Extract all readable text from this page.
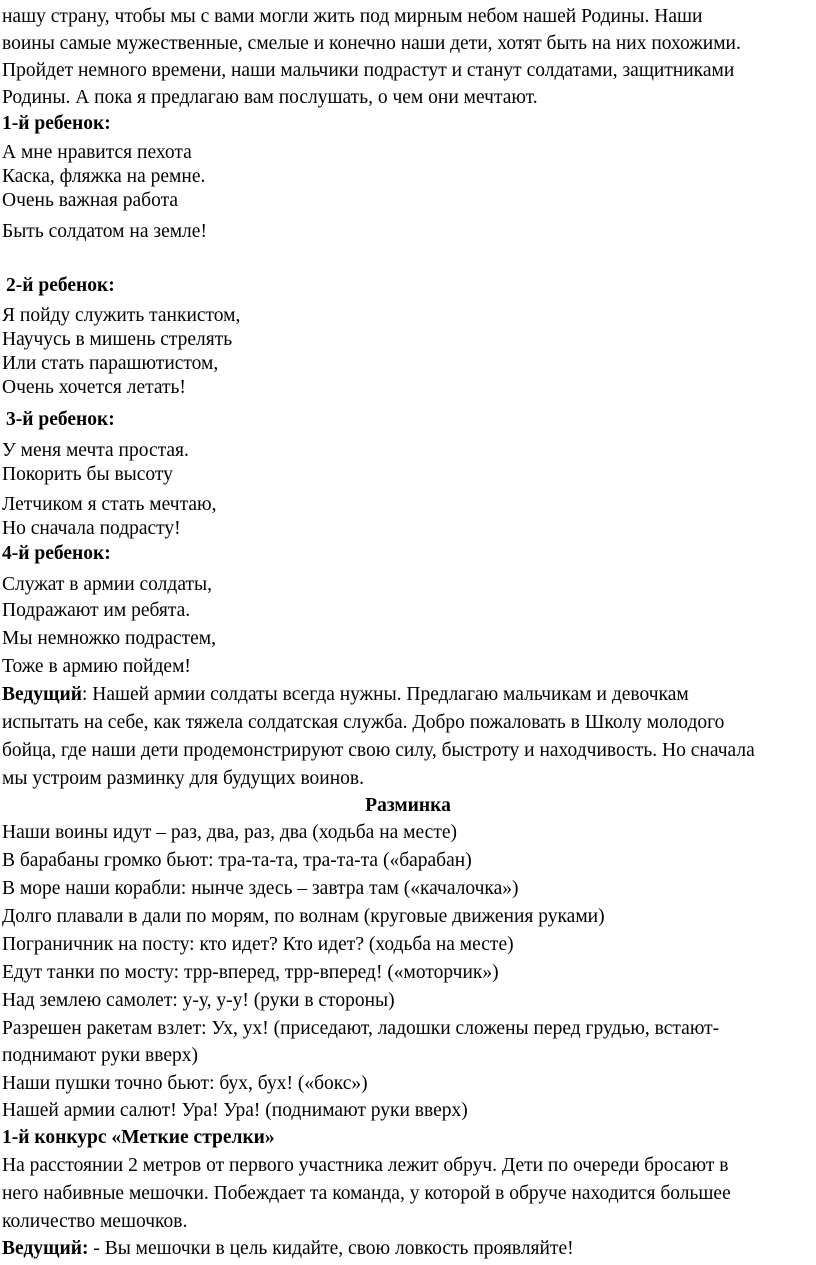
нашу страну, чтобы мы с вами могли жить под мирным небом нашей Родины. Наши
воины самые мужественные, смелые и конечно наши дети, хотят быть на них похожими.
Пройдет немного времени, наши мальчики подрастут и станут солдатами, защитниками
Родины. А пока я предлагаю вам послушать, о чем они мечтают.
1-й ребенок:
А мне нравится пехота
Каска, фляжка на ремне.
Очень важная работа
Быть солдатом на земле!
2-й ребенок:
Я пойду служить танкистом,
Научусь в мишень стрелять
Или стать парашютистом,
Очень хочется летать!
3-й ребенок:
У меня мечта простая.
Покорить бы высоту
Летчиком я стать мечтаю,
Но сначала подрасту!
4-й ребенок:
Служат в армии солдаты,
Подражают им ребята.
Мы немножко подрастем,
Тоже в армию пойдем!
Ведущий: Нашей армии солдаты всегда нужны. Предлагаю мальчикам и девочкам
испытать на себе, как тяжела солдатская служба. Добро пожаловать в Школу молодого
бойца, где наши дети продемонстрируют свою силу, быстроту и находчивость. Но сначала
мы устроим разминку для будущих воинов.
Разминка
Наши воины идут – раз, два, раз, два (ходьба на месте)
В барабаны громко бьют: тра-та-та, тра-та-та («барабан)
В море наши корабли: нынче здесь – завтра там («качалочка»)
Долго плавали в дали по морям, по волнам (круговые движения руками)
Пограничник на посту: кто идет? Кто идет? (ходьба на месте)
Едут танки по мосту: трр-вперед, трр-вперед! («моторчик»)
Над землею самолет: у-у, у-у! (руки в стороны)
Разрешен ракетам взлет: Ух, ух! (приседают, ладошки сложены перед грудью, встают-
поднимают руки вверх)
Наши пушки точно бьют: бух, бух! («бокс»)
Нашей армии салют! Ура! Ура! (поднимают руки вверх)
1-й конкурс «Меткие стрелки»
На расстоянии 2 метров от первого участника лежит обруч. Дети по очереди бросают в
него набивные мешочки. Побеждает та команда, у которой в обруче находится большее
количество мешочков.
Ведущий: - Вы мешочки в цель кидайте, свою ловкость проявляйте!
